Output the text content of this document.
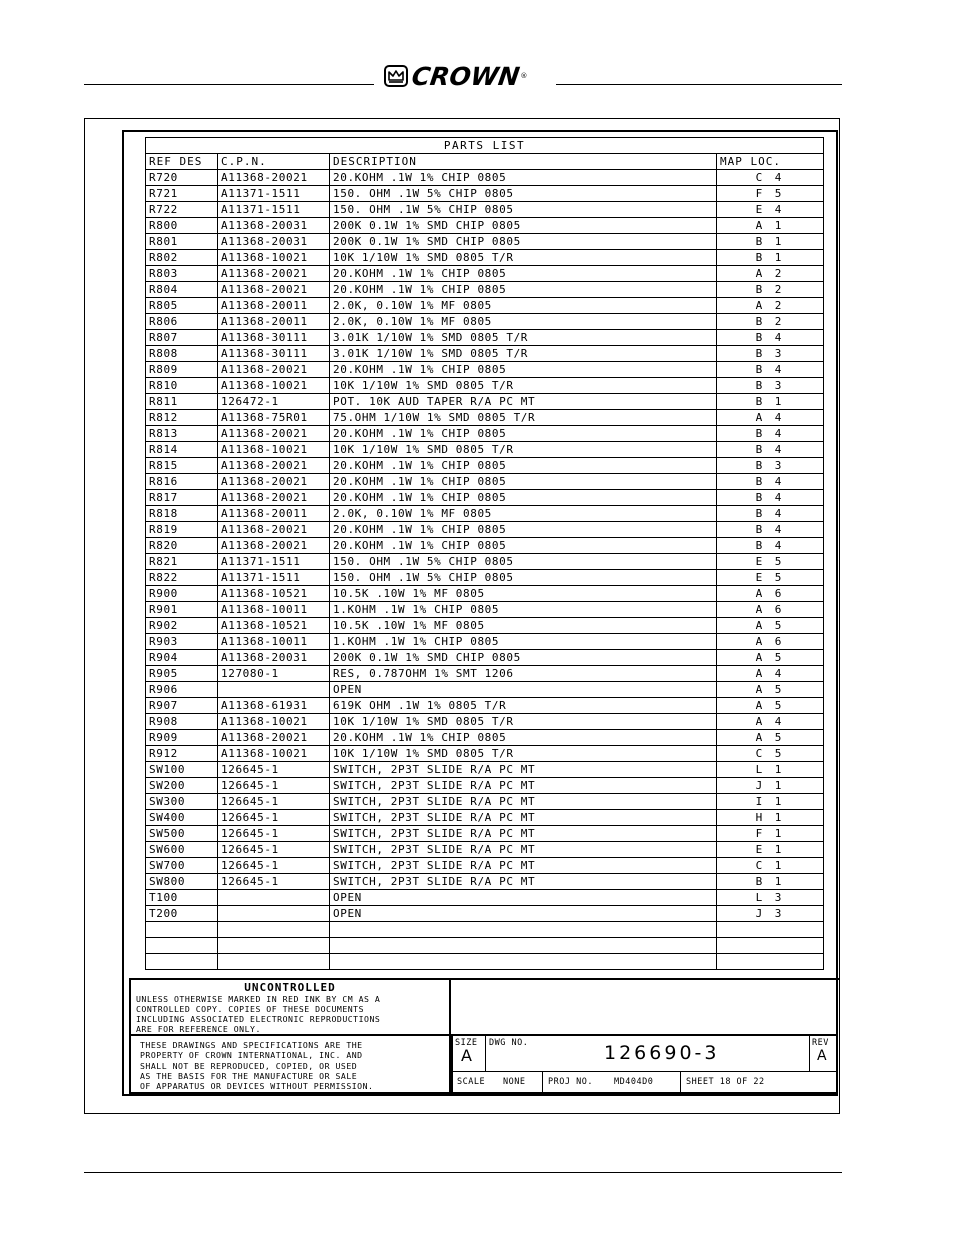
CROWN
®
PARTS LIST			
REF DES	C.P.N.	DESCRIPTION	MAP LOC.
R720	A11368-20021	20.KOHM .1W 1% CHIP 0805	C 4
R721	A11371-1511	150. OHM .1W 5% CHIP 0805	F 5
R722	A11371-1511	150. OHM .1W 5% CHIP 0805	E 4
R800	A11368-20031	200K 0.1W 1% SMD CHIP 0805	A 1
R801	A11368-20031	200K 0.1W 1% SMD CHIP 0805	B 1
R802	A11368-10021	10K 1/10W 1% SMD 0805 T/R	B 1
R803	A11368-20021	20.KOHM .1W 1% CHIP 0805	A 2
R804	A11368-20021	20.KOHM .1W 1% CHIP 0805	B 2
R805	A11368-20011	2.0K, 0.10W 1% MF 0805	A 2
R806	A11368-20011	2.0K, 0.10W 1% MF 0805	B 2
R807	A11368-30111	3.01K 1/10W 1% SMD 0805 T/R	B 4
R808	A11368-30111	3.01K 1/10W 1% SMD 0805 T/R	B 3
R809	A11368-20021	20.KOHM .1W 1% CHIP 0805	B 4
R810	A11368-10021	10K 1/10W 1% SMD 0805 T/R	B 3
R811	126472-1	POT. 10K AUD TAPER R/A PC MT	B 1
R812	A11368-75R01	75.OHM 1/10W 1% SMD 0805 T/R	A 4
R813	A11368-20021	20.KOHM .1W 1% CHIP 0805	B 4
R814	A11368-10021	10K 1/10W 1% SMD 0805 T/R	B 4
R815	A11368-20021	20.KOHM .1W 1% CHIP 0805	B 3
R816	A11368-20021	20.KOHM .1W 1% CHIP 0805	B 4
R817	A11368-20021	20.KOHM .1W 1% CHIP 0805	B 4
R818	A11368-20011	2.0K, 0.10W 1% MF 0805	B 4
R819	A11368-20021	20.KOHM .1W 1% CHIP 0805	B 4
R820	A11368-20021	20.KOHM .1W 1% CHIP 0805	B 4
R821	A11371-1511	150. OHM .1W 5% CHIP 0805	E 5
R822	A11371-1511	150. OHM .1W 5% CHIP 0805	E 5
R900	A11368-10521	10.5K .10W 1% MF 0805	A 6
R901	A11368-10011	1.KOHM .1W 1% CHIP 0805	A 6
R902	A11368-10521	10.5K .10W 1% MF 0805	A 5
R903	A11368-10011	1.KOHM .1W 1% CHIP 0805	A 6
R904	A11368-20031	200K 0.1W 1% SMD CHIP 0805	A 5
R905	127080-1	RES, 0.787OHM 1% SMT 1206	A 4
R906		OPEN	A 5
R907	A11368-61931	619K OHM .1W 1% 0805 T/R	A 5
R908	A11368-10021	10K 1/10W 1% SMD 0805 T/R	A 4
R909	A11368-20021	20.KOHM .1W 1% CHIP 0805	A 5
R912	A11368-10021	10K 1/10W 1% SMD 0805 T/R	C 5
SW100	126645-1	SWITCH, 2P3T SLIDE R/A PC MT	L 1
SW200	126645-1	SWITCH, 2P3T SLIDE R/A PC MT	J 1
SW300	126645-1	SWITCH, 2P3T SLIDE R/A PC MT	I 1
SW400	126645-1	SWITCH, 2P3T SLIDE R/A PC MT	H 1
SW500	126645-1	SWITCH, 2P3T SLIDE R/A PC MT	F 1
SW600	126645-1	SWITCH, 2P3T SLIDE R/A PC MT	E 1
SW700	126645-1	SWITCH, 2P3T SLIDE R/A PC MT	C 1
SW800	126645-1	SWITCH, 2P3T SLIDE R/A PC MT	B 1
T100		OPEN	L 3
T200		OPEN	J 3

UNCONTROLLED
UNLESS OTHERWISE MARKED IN RED INK BY CM AS A
CONTROLLED COPY. COPIES OF THESE DOCUMENTS
INCLUDING ASSOCIATED ELECTRONIC REPRODUCTIONS
ARE FOR REFERENCE ONLY.
THESE DRAWINGS AND SPECIFICATIONS ARE THE
PROPERTY OF CROWN INTERNATIONAL, INC. AND
SHALL NOT BE REPRODUCED, COPIED, OR USED
AS THE BASIS FOR THE MANUFACTURE OR SALE
OF APPARATUS OR DEVICES WITHOUT PERMISSION.
SIZE
A
DWG NO.	126690-3	REV
A
SCALE NONE	PROJ NO. MD404D0	SHEET 18 OF 22
